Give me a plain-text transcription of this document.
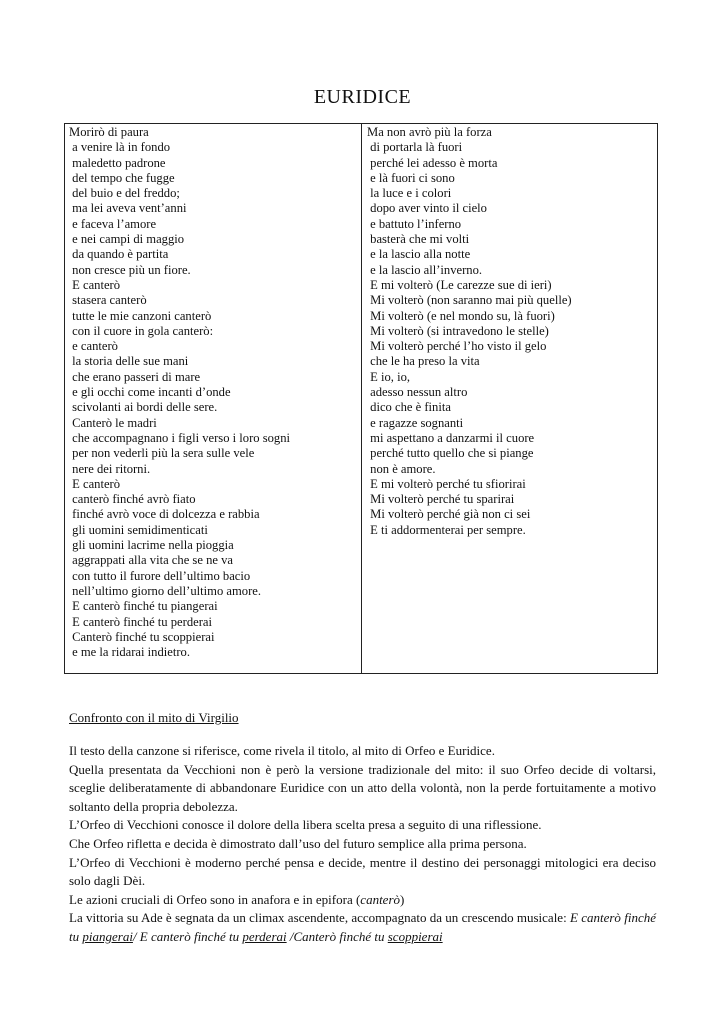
EURIDICE
Morirò di paura
a venire là in fondo
maledetto padrone
del tempo che fugge
del buio e del freddo;
ma lei aveva vent’anni
e faceva l’amore
e nei campi di maggio
da quando è partita
non cresce più un fiore.
E canterò
stasera canterò
tutte le mie canzoni canterò
con il cuore in gola canterò:
e canterò
la storia delle sue mani
che erano passeri di mare
e gli occhi come incanti d’onde
scivolanti ai bordi delle sere.
Canterò le madri
che accompagnano i figli verso i loro sogni
per non vederli più la sera sulle vele
nere dei ritorni.
E canterò
canterò finché avrò fiato
finché avrò voce di dolcezza e rabbia
gli uomini semidimenticati
gli uomini lacrime nella pioggia
aggrappati alla vita che se ne va
con tutto il furore dell’ultimo bacio
nell’ultimo giorno dell’ultimo amore.
E canterò finché tu piangerai
E canterò finché tu perderai
Canterò finché tu scoppierai
e me la ridarai indietro.
Ma non avrò più la forza
di portarla là fuori
perché lei adesso è morta
e là fuori ci sono
la luce e i colori
dopo aver vinto il cielo
e battuto l’inferno
basterà che mi volti
e la lascio alla notte
e la lascio all’inverno.
E mi volterò (Le carezze sue di ieri)
Mi volterò (non saranno mai più quelle)
Mi volterò (e nel mondo su, là fuori)
Mi volterò (si intravedono le stelle)
Mi volterò perché l’ho visto il gelo
che le ha preso la vita
E io, io,
adesso nessun altro
dico che è finita
e ragazze sognanti
mi aspettano a danzarmi il cuore
perché tutto quello che si piange
non è amore.
E mi volterò perché tu sfiorirai
Mi volterò perché tu sparirai
Mi volterò perché già non ci sei
E ti addormenterai per sempre.
Confronto con il mito di Virgilio
Il testo della canzone si riferisce, come rivela il titolo, al mito di Orfeo e Euridice.
Quella presentata da Vecchioni non è però la versione tradizionale del mito: il suo Orfeo decide di voltarsi, sceglie deliberatamente di abbandonare Euridice con un atto della volontà, non la perde fortuitamente a motivo soltanto della propria debolezza.
L’Orfeo di Vecchioni conosce il dolore della libera scelta presa a seguito di una riflessione.
Che Orfeo rifletta e decida è dimostrato dall’uso del futuro semplice alla prima persona.
L’Orfeo di Vecchioni è moderno perché pensa e decide, mentre il destino dei personaggi mitologici era deciso solo dagli Dèi.
Le azioni cruciali di Orfeo sono in anafora e in epifora (canterò)
La vittoria su Ade è segnata da un climax ascendente, accompagnato da un crescendo musicale: E canterò finché tu piangerai/ E canterò finché tu perderai /Canterò finché tu scoppierai
